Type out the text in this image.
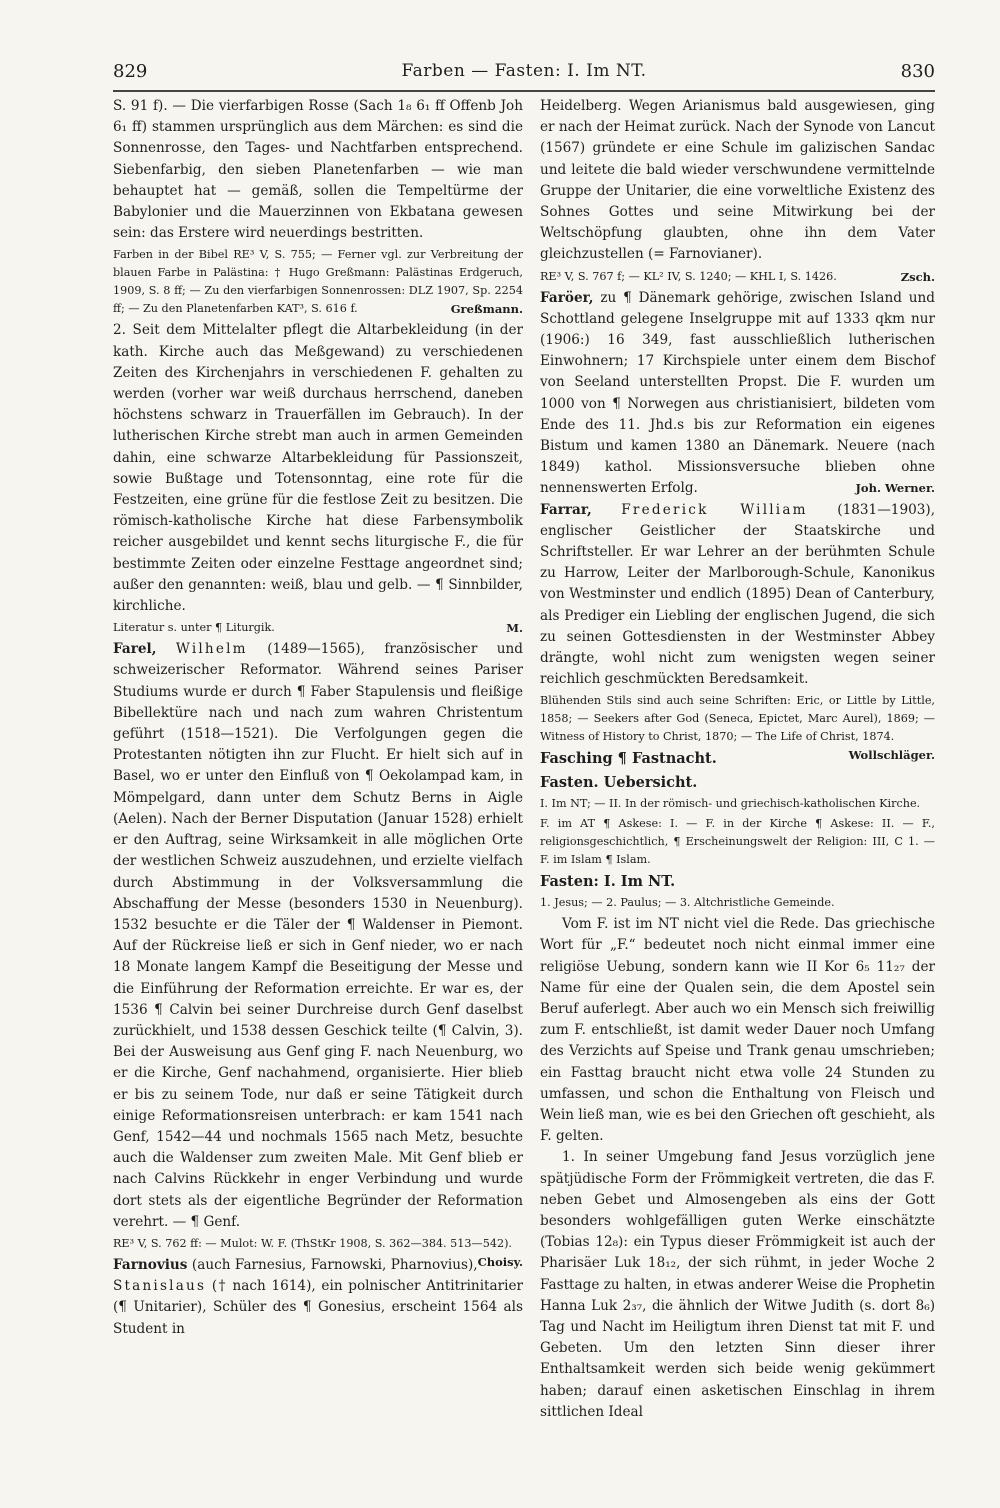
829	Farben — Fasten: I. Im NT.	830

S. 91 f). — Die vierfarbigen Rosse (Sach 1₈ 6₁ ff Offenb Joh 6₁ ff) stammen ursprünglich aus dem Märchen: es sind die Sonnenrosse, den Tages- und Nachtfarben entsprechend. Siebenfarbig, den sieben Planetenfarben — wie man behauptet hat — gemäß, sollen die Tempeltürme der Babylonier und die Mauerzinnen von Ekbatana gewesen sein: das Erstere wird neuerdings bestritten.

Farben in der Bibel RE³ V, S. 755; — Ferner vgl. zur Verbreitung der blauen Farbe in Palästina: † Hugo Greßmann: Palästinas Erdgeruch, 1909, S. 8 ff; — Zu den vierfarbigen Sonnenrossen: DLZ 1907, Sp. 2254 ff; — Zu den Planetenfarben KAT³, S. 616 f.	Greßmann.

2. Seit dem Mittelalter pflegt die Altarbekleidung (in der kath. Kirche auch das Meßgewand) zu verschiedenen Zeiten des Kirchenjahrs in verschiedenen F. gehalten zu werden (vorher war weiß durchaus herrschend, daneben höchstens schwarz in Trauerfällen im Gebrauch). In der lutherischen Kirche strebt man auch in armen Gemeinden dahin, eine schwarze Altarbekleidung für Passionszeit, sowie Bußtage und Totensonntag, eine rote für die Festzeiten, eine grüne für die festlose Zeit zu besitzen. Die römisch-katholische Kirche hat diese Farbensymbolik reicher ausgebildet und kennt sechs liturgische F., die für bestimmte Zeiten oder einzelne Festtage angeordnet sind; außer den genannten: weiß, blau und gelb. — ¶ Sinnbilder, kirchliche.

Literatur s. unter ¶ Liturgik.	M.

Farel, Wilhelm (1489—1565), französischer und schweizerischer Reformator. Während seines Pariser Studiums wurde er durch ¶ Faber Stapulensis und fleißige Bibellektüre nach und nach zum wahren Christentum geführt (1518—1521). Die Verfolgungen gegen die Protestanten nötigten ihn zur Flucht. Er hielt sich auf in Basel, wo er unter den Einfluß von ¶ Oekolampad kam, in Mömpelgard, dann unter dem Schutz Berns in Aigle (Aelen). Nach der Berner Disputation (Januar 1528) erhielt er den Auftrag, seine Wirksamkeit in alle möglichen Orte der westlichen Schweiz auszudehnen, und erzielte vielfach durch Abstimmung in der Volksversammlung die Abschaffung der Messe (besonders 1530 in Neuenburg). 1532 besuchte er die Täler der ¶ Waldenser in Piemont. Auf der Rückreise ließ er sich in Genf nieder, wo er nach 18 Monate langem Kampf die Beseitigung der Messe und die Einführung der Reformation erreichte. Er war es, der 1536 ¶ Calvin bei seiner Durchreise durch Genf daselbst zurückhielt, und 1538 dessen Geschick teilte (¶ Calvin, 3). Bei der Ausweisung aus Genf ging F. nach Neuenburg, wo er die Kirche, Genf nachahmend, organisierte. Hier blieb er bis zu seinem Tode, nur daß er seine Tätigkeit durch einige Reformationsreisen unterbrach: er kam 1541 nach Genf, 1542—44 und nochmals 1565 nach Metz, besuchte auch die Waldenser zum zweiten Male. Mit Genf blieb er nach Calvins Rückkehr in enger Verbindung und wurde dort stets als der eigentliche Begründer der Reformation verehrt. — ¶ Genf.

RE³ V, S. 762 ff: — Mulot: W. F. (ThStKr 1908, S. 362—384. 513—542).
Choisy.

Farnovius (auch Farnesius, Farnowski, Pharnovius), Stanislaus († nach 1614), ein polnischer Antitrinitarier (¶ Unitarier), Schüler des ¶ Gonesius, erscheint 1564 als Student in

Heidelberg. Wegen Arianismus bald ausgewiesen, ging er nach der Heimat zurück. Nach der Synode von Lancut (1567) gründete er eine Schule im galizischen Sandac und leitete die bald wieder verschwundene vermittelnde Gruppe der Unitarier, die eine vorweltliche Existenz des Sohnes Gottes und seine Mitwirkung bei der Weltschöpfung glaubten, ohne ihn dem Vater gleichzustellen (= Farnovianer).

RE³ V, S. 767 f; — KL² IV, S. 1240; — KHL I, S. 1426.	Zsch.

Faröer, zu ¶ Dänemark gehörige, zwischen Island und Schottland gelegene Inselgruppe mit auf 1333 qkm nur (1906:) 16 349, fast ausschließlich lutherischen Einwohnern; 17 Kirchspiele unter einem dem Bischof von Seeland unterstellten Propst. Die F. wurden um 1000 von ¶ Norwegen aus christianisiert, bildeten vom Ende des 11. Jhd.s bis zur Reformation ein eigenes Bistum und kamen 1380 an Dänemark. Neuere (nach 1849) kathol. Missionsversuche blieben ohne nennenswerten Erfolg.	Joh. Werner.

Farrar, Frederick William (1831—1903), englischer Geistlicher der Staatskirche und Schriftsteller. Er war Lehrer an der berühmten Schule zu Harrow, Leiter der Marlborough-Schule, Kanonikus von Westminster und endlich (1895) Dean of Canterbury, als Prediger ein Liebling der englischen Jugend, die sich zu seinen Gottesdiensten in der Westminster Abbey drängte, wohl nicht zum wenigsten wegen seiner reichlich geschmückten Beredsamkeit.

Blühenden Stils sind auch seine Schriften: Eric, or Little by Little, 1858; — Seekers after God (Seneca, Epictet, Marc Aurel), 1869; — Witness of History to Christ, 1870; — The Life of Christ, 1874.
Wollschläger.

Fasching ¶ Fastnacht.

Fasten. Uebersicht.

I. Im NT; — II. In der römisch- und griechisch-katholischen Kirche.

F. im AT ¶ Askese: I. — F. in der Kirche ¶ Askese: II. — F., religionsgeschichtlich, ¶ Erscheinungswelt der Religion: III, C 1. — F. im Islam ¶ Islam.

Fasten: I. Im NT.

1. Jesus; — 2. Paulus; — 3. Altchristliche Gemeinde.

Vom F. ist im NT nicht viel die Rede. Das griechische Wort für „F.“ bedeutet noch nicht einmal immer eine religiöse Uebung, sondern kann wie II Kor 6₅ 11₂₇ der Name für eine der Qualen sein, die dem Apostel sein Beruf auferlegt. Aber auch wo ein Mensch sich freiwillig zum F. entschließt, ist damit weder Dauer noch Umfang des Verzichts auf Speise und Trank genau umschrieben; ein Fasttag braucht nicht etwa volle 24 Stunden zu umfassen, und schon die Enthaltung von Fleisch und Wein ließ man, wie es bei den Griechen oft geschieht, als F. gelten.

1. In seiner Umgebung fand Jesus vorzüglich jene spätjüdische Form der Frömmigkeit vertreten, die das F. neben Gebet und Almosengeben als eins der Gott besonders wohlgefälligen guten Werke einschätzte (Tobias 12₈): ein Typus dieser Frömmigkeit ist auch der Pharisäer Luk 18₁₂, der sich rühmt, in jeder Woche 2 Fasttage zu halten, in etwas anderer Weise die Prophetin Hanna Luk 2₃₇, die ähnlich der Witwe Judith (s. dort 8₆) Tag und Nacht im Heiligtum ihren Dienst tat mit F. und Gebeten. Um den letzten Sinn dieser ihrer Enthaltsamkeit werden sich beide wenig gekümmert haben; darauf einen asketischen Einschlag in ihrem sittlichen Ideal
